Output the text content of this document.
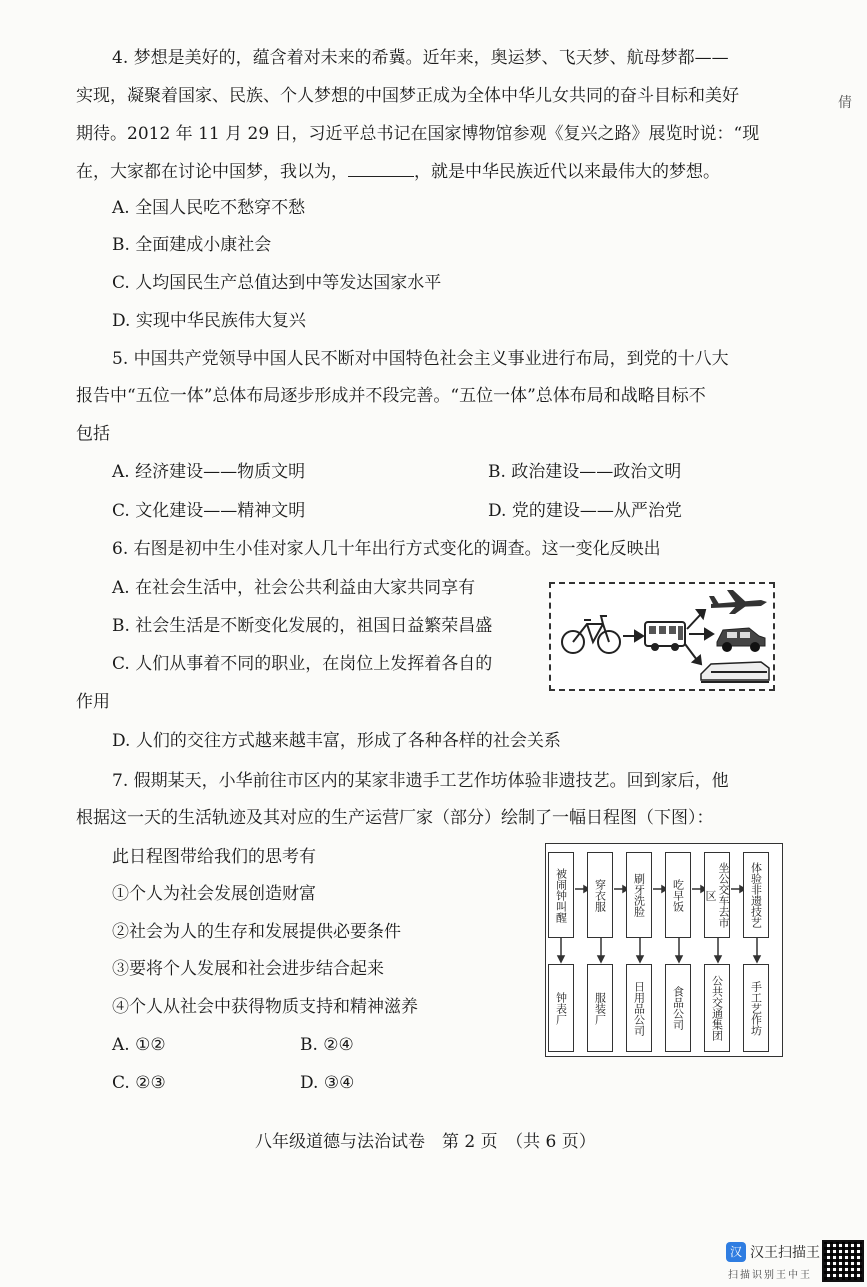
倩
4. 梦想是美好的，蕴含着对未来的希冀。近年来，奥运梦、飞天梦、航母梦都——
实现，凝聚着国家、民族、个人梦想的中国梦正成为全体中华儿女共同的奋斗目标和美好
期待。2012 年 11 月 29 日，习近平总书记在国家博物馆参观《复兴之路》展览时说：“现
在，大家都在讨论中国梦，我以为，	，就是中华民族近代以来最伟大的梦想。
A. 全国人民吃不愁穿不愁
B. 全面建成小康社会
C. 人均国民生产总值达到中等发达国家水平
D. 实现中华民族伟大复兴
5. 中国共产党领导中国人民不断对中国特色社会主义事业进行布局，到党的十八大
报告中“五位一体”总体布局逐步形成并不段完善。“五位一体”总体布局和战略目标不
包括
A. 经济建设——物质文明	B. 政治建设——政治文明
C. 文化建设——精神文明	D. 党的建设——从严治党
6. 右图是初中生小佳对家人几十年出行方式变化的调查。这一变化反映出
A. 在社会生活中，社会公共利益由大家共同享有
B. 社会生活是不断变化发展的，祖国日益繁荣昌盛
C. 人们从事着不同的职业，在岗位上发挥着各自的
作用
D. 人们的交往方式越来越丰富，形成了各种各样的社会关系
7. 假期某天，小华前往市区内的某家非遗手工艺作坊体验非遗技艺。回到家后，他
根据这一天的生活轨迹及其对应的生产运营厂家（部分）绘制了一幅日程图（下图）：
此日程图带给我们的思考有
①个人为社会发展创造财富
②社会为人的生存和发展提供必要条件
③要将个人发展和社会进步结合起来
④个人从社会中获得物质支持和精神滋养
A. ①②	B. ②④
C. ②③	D. ③④
被闹钟叫醒	穿衣服	刷牙洗脸	吃早饭	坐公交车去市区	体验非遗技艺
钟表厂	服装厂	日用品公司	食品公司	公共交通集团	手工艺作坊
八年级道德与法治试卷　第 2 页　（共 6 页）
汉 汉王扫描王
扫描识别王中王
